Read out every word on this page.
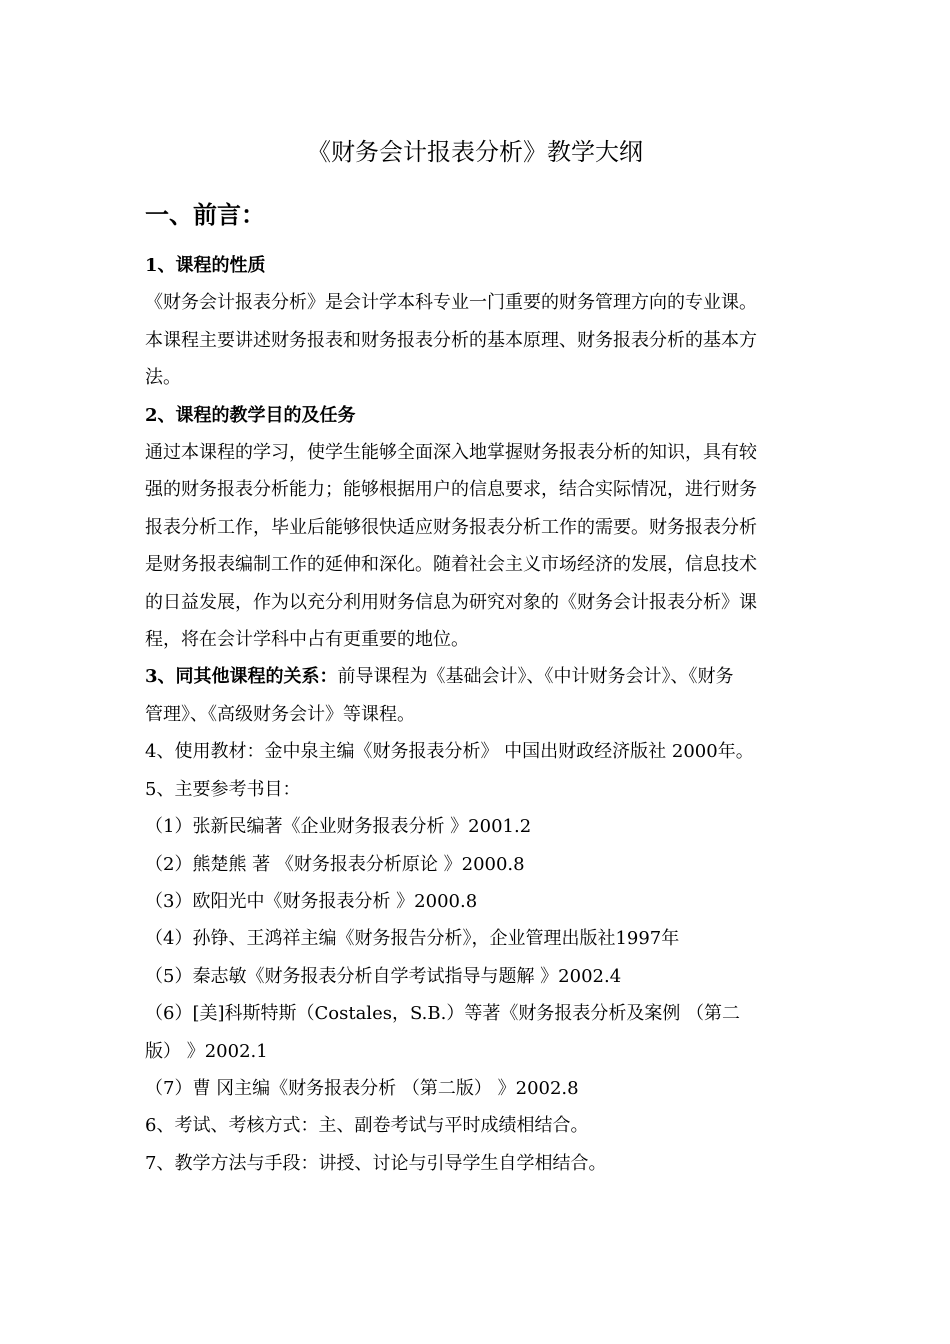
《财务会计报表分析》教学大纲
一、前言：

1、课程的性质

《财务会计报表分析》是会计学本科专业一门重要的财务管理方向的专业课。

本课程主要讲述财务报表和财务报表分析的基本原理、财务报表分析的基本方

法。

2、课程的教学目的及任务

通过本课程的学习，使学生能够全面深入地掌握财务报表分析的知识，具有较

强的财务报表分析能力；能够根据用户的信息要求，结合实际情况，进行财务

报表分析工作，毕业后能够很快适应财务报表分析工作的需要。财务报表分析

是财务报表编制工作的延伸和深化。随着社会主义市场经济的发展，信息技术

的日益发展，作为以充分利用财务信息为研究对象的《财务会计报表分析》课

程，将在会计学科中占有更重要的地位。

3、同其他课程的关系：前导课程为《基础会计》、《中计财务会计》、《财务

管理》、《高级财务会计》等课程。

4、使用教材：金中泉主编《财务报表分析》 中国出财政经济版社 2000年。

5、主要参考书目：

（1）张新民编著《企业财务报表分析 》2001.2

（2）熊楚熊 著 《财务报表分析原论 》2000.8

（3）欧阳光中《财务报表分析 》2000.8

（4）孙铮、王鸿祥主编《财务报告分析》，企业管理出版社1997年

（5）秦志敏《财务报表分析自学考试指导与题解 》2002.4

（6）[美]科斯特斯（Costales，S.B.）等著《财务报表分析及案例 （第二

版） 》2002.1

（7）曹 冈主编《财务报表分析 （第二版） 》2002.8

6、考试、考核方式：主、副卷考试与平时成绩相结合。

7、教学方法与手段：讲授、讨论与引导学生自学相结合。
